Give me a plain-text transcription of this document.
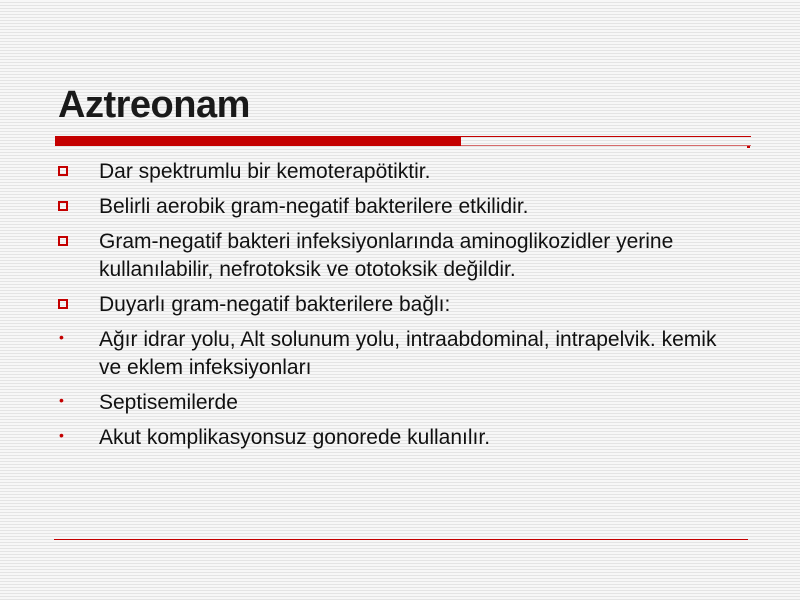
Aztreonam
Dar spektrumlu bir kemoterapötiktir.
Belirli aerobik gram-negatif bakterilere etkilidir.
Gram-negatif bakteri infeksiyonlarında aminoglikozidler yerine kullanılabilir, nefrotoksik ve ototoksik değildir.
Duyarlı gram-negatif bakterilere bağlı:
• Ağır idrar yolu, Alt solunum yolu, intraabdominal, intrapelvik. kemik ve eklem infeksiyonları
• Septisemilerde
• Akut komplikasyonsuz gonorede kullanılır.
